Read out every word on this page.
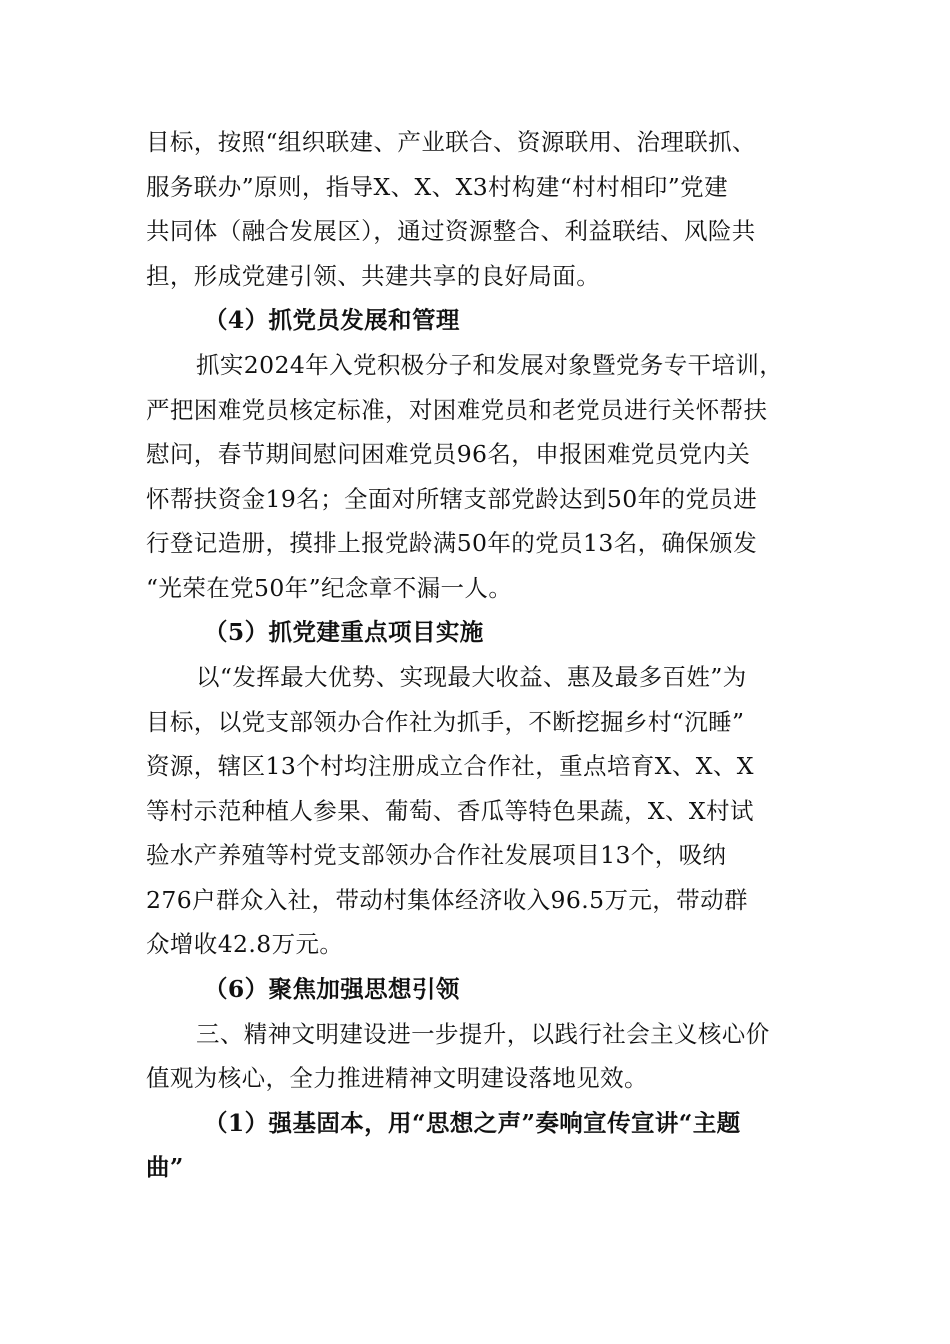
目标，按照“组织联建、产业联合、资源联用、治理联抓、
服务联办”原则，指导X、X、X3村构建“村村相印”党建
共同体（融合发展区），通过资源整合、利益联结、风险共
担，形成党建引领、共建共享的良好局面。
（4）抓党员发展和管理
抓实2024年入党积极分子和发展对象暨党务专干培训，
严把困难党员核定标准，对困难党员和老党员进行关怀帮扶
慰问，春节期间慰问困难党员96名，申报困难党员党内关
怀帮扶资金19名；全面对所辖支部党龄达到50年的党员进
行登记造册，摸排上报党龄满50年的党员13名，确保颁发
“光荣在党50年”纪念章不漏一人。
（5）抓党建重点项目实施
以“发挥最大优势、实现最大收益、惠及最多百姓”为
目标，以党支部领办合作社为抓手，不断挖掘乡村“沉睡”
资源，辖区13个村均注册成立合作社，重点培育X、X、X
等村示范种植人参果、葡萄、香瓜等特色果蔬，X、X村试
验水产养殖等村党支部领办合作社发展项目13个，吸纳
276户群众入社，带动村集体经济收入96.5万元，带动群
众增收42.8万元。
（6）聚焦加强思想引领
三、精神文明建设进一步提升，以践行社会主义核心价
值观为核心，全力推进精神文明建设落地见效。
（1）强基固本，用“思想之声”奏响宣传宣讲“主题
曲”
